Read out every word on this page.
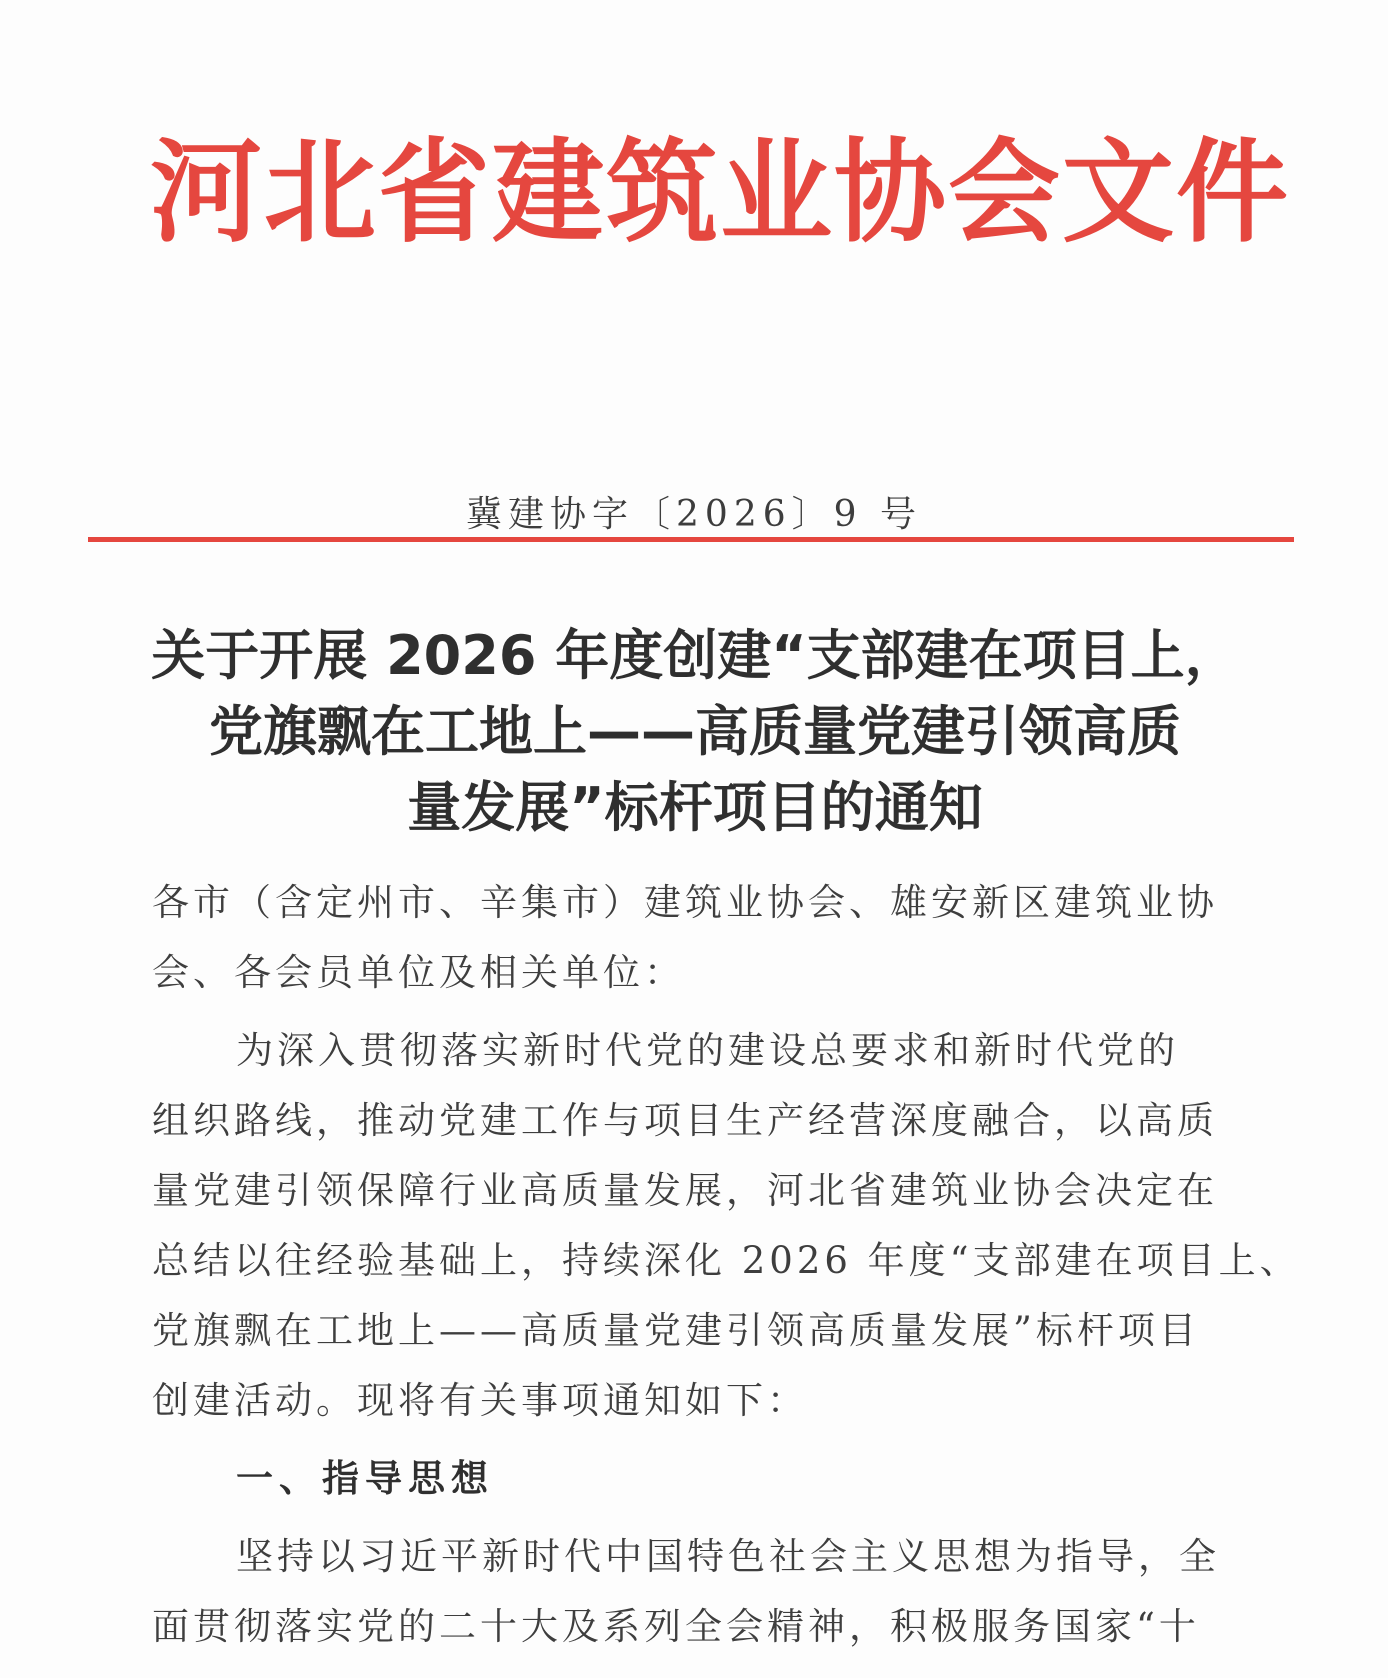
河北省建筑业协会文件
冀建协字〔2026〕9 号
关于开展 2026 年度创建“支部建在项目上，
党旗飘在工地上——高质量党建引领高质
量发展”标杆项目的通知
各市（含定州市、辛集市）建筑业协会、雄安新区建筑业协
会、各会员单位及相关单位：
为深入贯彻落实新时代党的建设总要求和新时代党的
组织路线，推动党建工作与项目生产经营深度融合，以高质
量党建引领保障行业高质量发展，河北省建筑业协会决定在
总结以往经验基础上，持续深化 2026 年度“支部建在项目上、
党旗飘在工地上——高质量党建引领高质量发展”标杆项目
创建活动。现将有关事项通知如下：
一、指导思想
坚持以习近平新时代中国特色社会主义思想为指导，全
面贯彻落实党的二十大及系列全会精神，积极服务国家“十
